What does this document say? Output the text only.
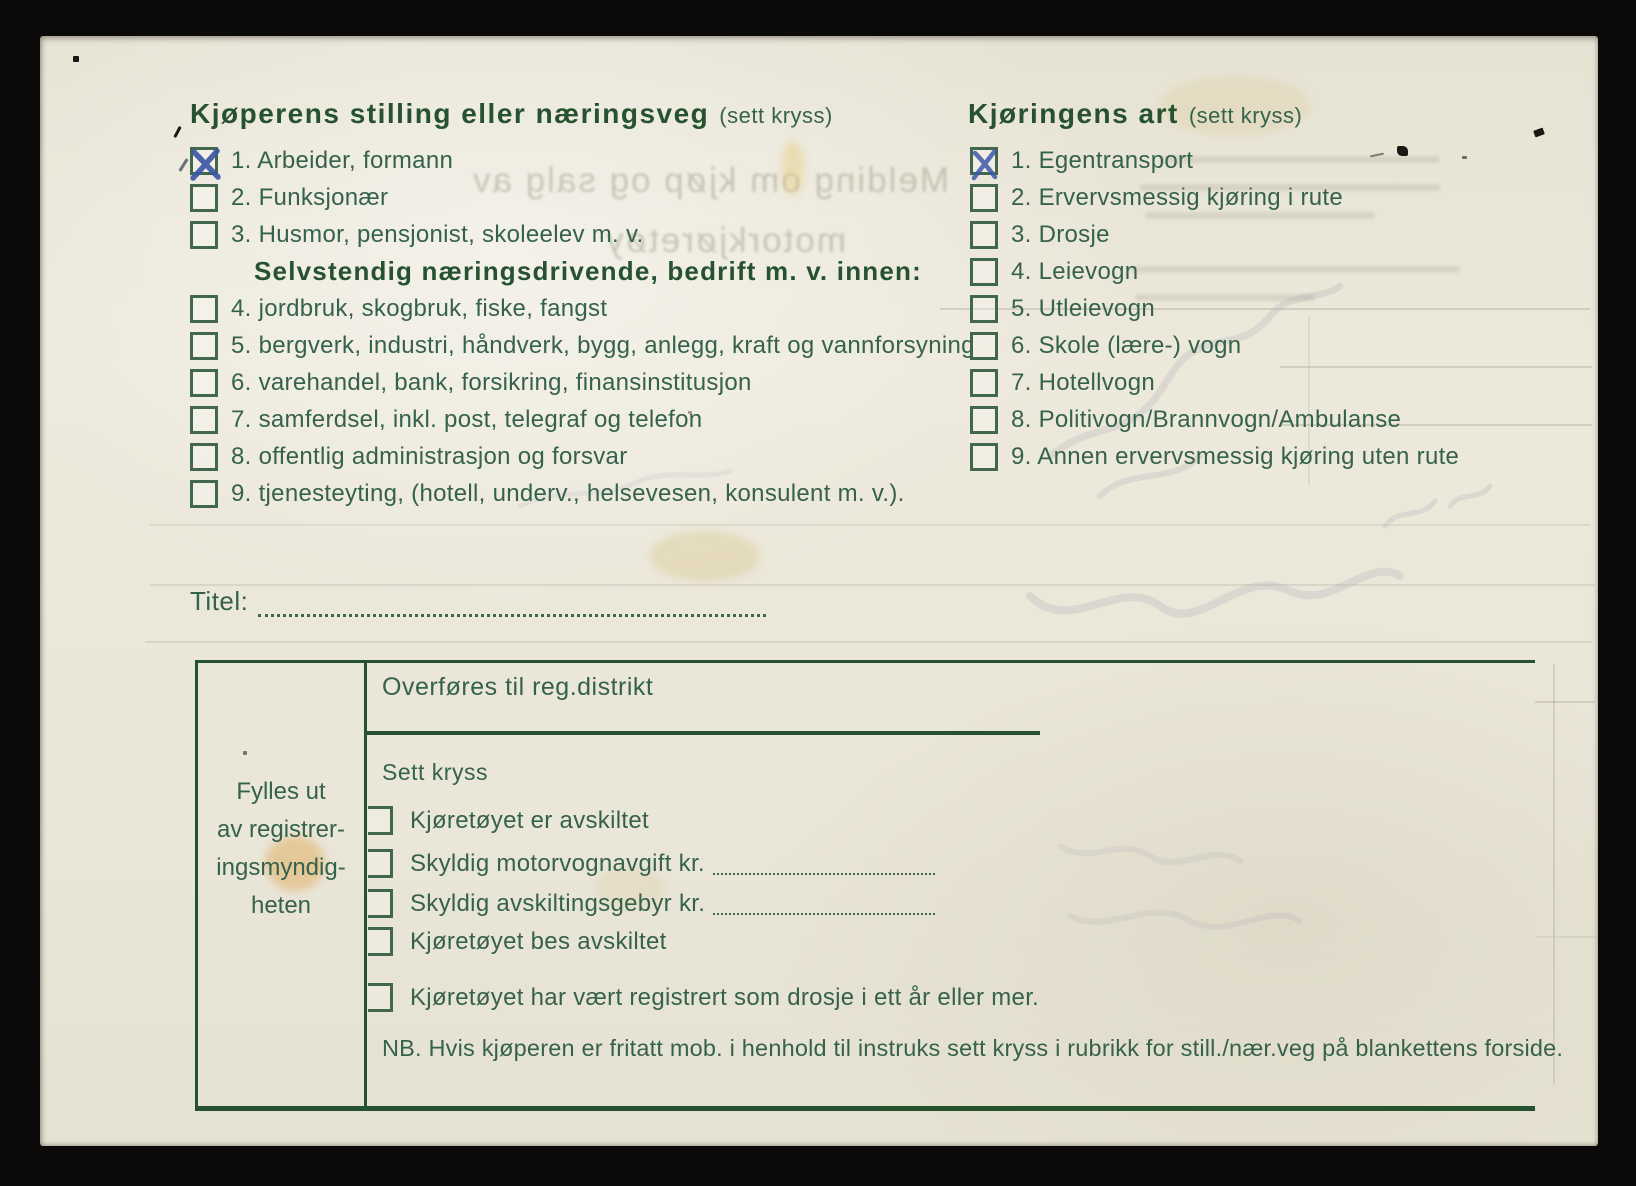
Melding om kjøp og salg av
motorkjøretøy
Kjøperens stilling eller næringsveg (sett kryss)
1. Arbeider, formann
2. Funksjonær
3. Husmor, pensjonist, skoleelev m. v.
Selvstendig næringsdrivende, bedrift m. v. innen:
4. jordbruk, skogbruk, fiske, fangst
5. bergverk, industri, håndverk, bygg, anlegg, kraft og vannforsyning
6. varehandel, bank, forsikring, finansinstitusjon
7. samferdsel, inkl. post, telegraf og telefon
8. offentlig administrasjon og forsvar
9. tjenesteyting, (hotell, underv., helsevesen, konsulent m. v.).
Kjøringens art (sett kryss)
1. Egentransport
2. Ervervsmessig kjøring i rute
3. Drosje
4. Leievogn
5. Utleievogn
6. Skole (lære-) vogn
7. Hotellvogn
8. Politivogn/Brannvogn/Ambulanse
9. Annen ervervsmessig kjøring uten rute
Titel:
Overføres til reg.distrikt
Sett kryss
Fylles ut
av registrer-
ingsmyndig-
heten
Kjøretøyet er avskiltet
Skyldig motorvognavgift kr.
Skyldig avskiltingsgebyr kr.
Kjøretøyet bes avskiltet
Kjøretøyet har vært registrert som drosje i ett år eller mer.
NB. Hvis kjøperen er fritatt mob. i henhold til instruks sett kryss i rubrikk for still./nær.veg på blankettens forside.
